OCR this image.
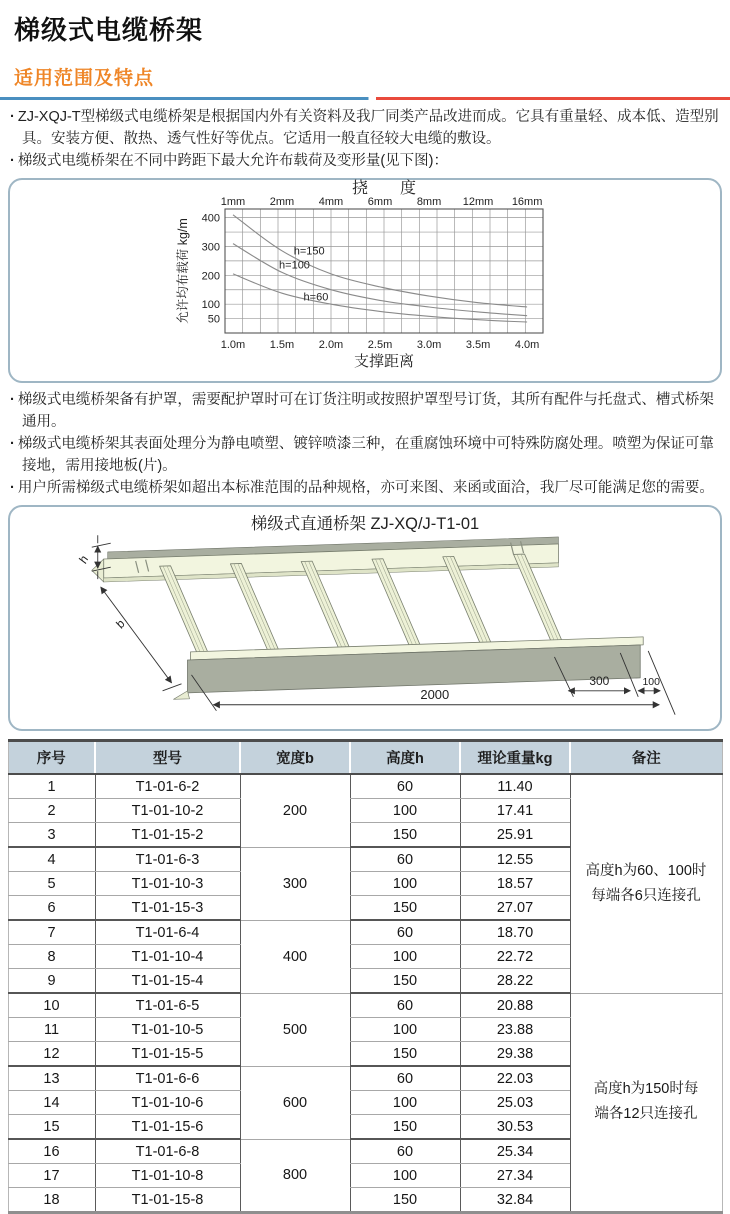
梯级式电缆桥架
适用范围及特点
· ZJ-XQJ-T型梯级式电缆桥架是根据国内外有关资料及我厂同类产品改进而成。它具有重量轻、成本低、造型别具。安装方便、散热、透气性好等优点。它适用一般直径较大电缆的敷设。
· 梯级式电缆桥架在不同中跨距下最大允许布载荷及变形量(见下图)：
挠　　度
1mm 2mm 4mm 6mm 8mm 12mm 16mm
400
300
200
100
50
1.0m 1.5m 2.0m 2.5m 3.0m 3.5m 4.0m
支撑距离
允许均布载荷 kg/m	h=150
h=100
h=60
· 梯级式电缆桥架备有护罩，需要配护罩时可在订货注明或按照护罩型号订货，其所有配件与托盘式、槽式桥架通用。
· 梯级式电缆桥架其表面处理分为静电喷塑、镀锌喷漆三种，在重腐蚀环境中可特殊防腐处理。喷塑为保证可靠接地，需用接地板(片)。
· 用户所需梯级式电缆桥架如超出本标准范围的品种规格，亦可来图、来函或面洽，我厂尽可能满足您的需要。
梯级式直通桥架 ZJ-XQ/J-T1-01
h
b
2000
300	100
序号	型号	宽度b	高度h	理论重量kg	备注
1	T1-01-6-2	200	60	11.40	高度h为60、100时
每端各6只连接孔

2	T1-01-10-2		100	17.41	
3	T1-01-15-2		150	25.91	
4	T1-01-6-3	300	60	12.55	
5	T1-01-10-3		100	18.57	
6	T1-01-15-3		150	27.07	
7	T1-01-6-4	400	60	18.70	
8	T1-01-10-4		100	22.72	
9	T1-01-15-4		150	28.22	
10	T1-01-6-5	500	60	20.88	高度h为150时每
端各12只连接孔

11	T1-01-10-5		100	23.88	
12	T1-01-15-5		150	29.38	
13	T1-01-6-6	600	60	22.03	
14	T1-01-10-6		100	25.03	
15	T1-01-15-6		150	30.53	
16	T1-01-6-8	800	60	25.34	
17	T1-01-10-8		100	27.34	
18	T1-01-15-8		150	32.84	
